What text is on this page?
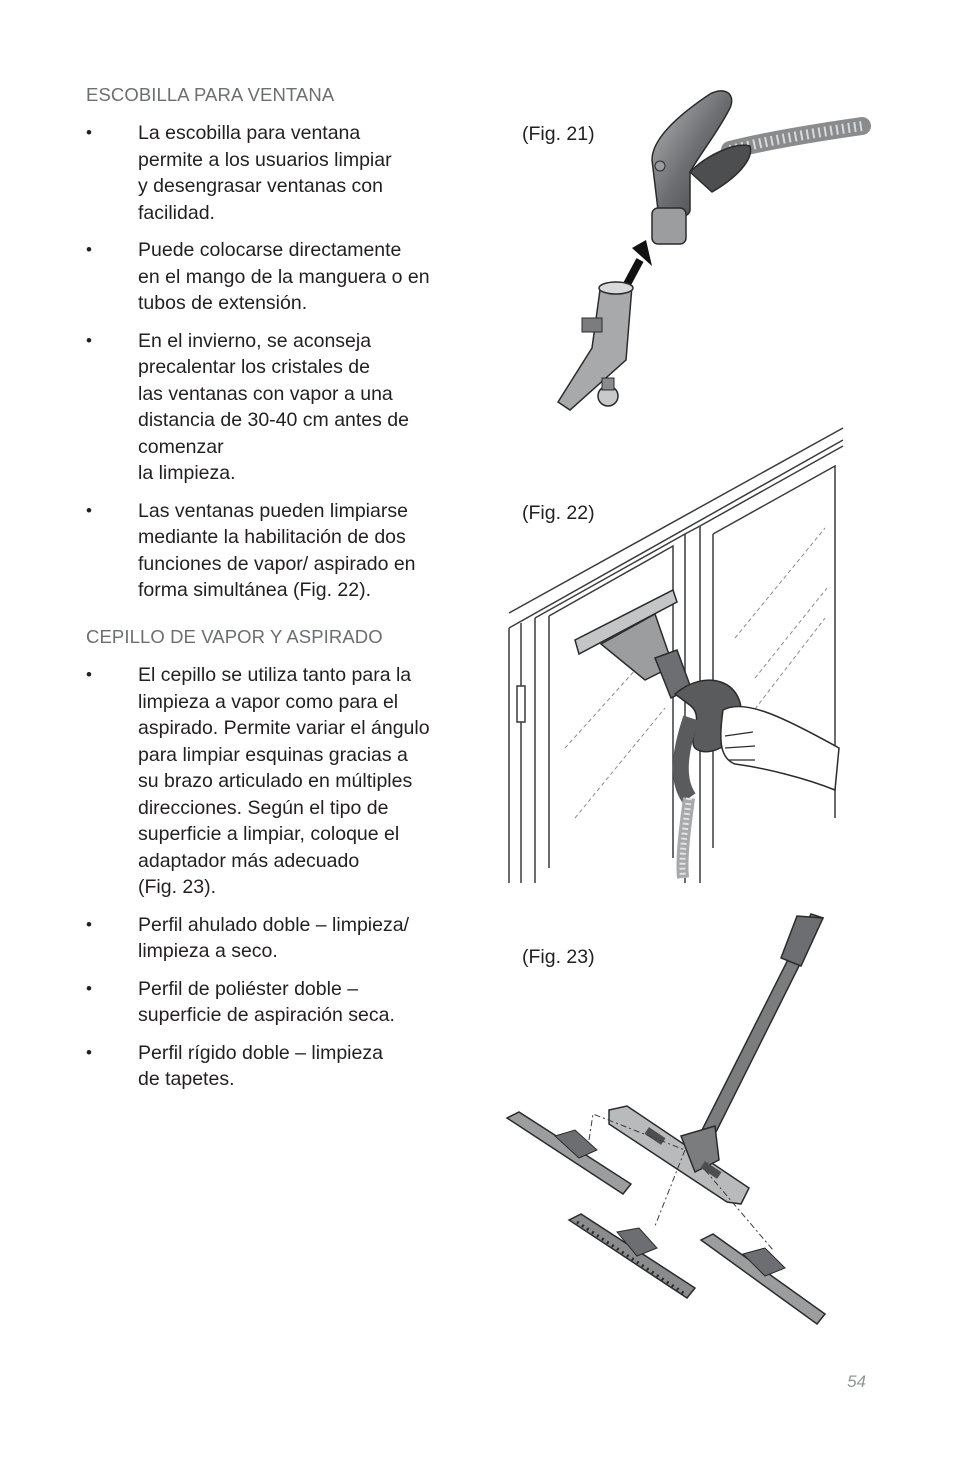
ESCOBILLA PARA VENTANA
•	La escobilla para ventana
permite a los usuarios limpiar
y desengrasar ventanas con
facilidad.
•	Puede colocarse directamente
en el mango de la manguera o en
tubos de extensión.
•	En el invierno, se aconseja
precalentar los cristales de
las ventanas con vapor a una
distancia de 30-40 cm antes de
comenzar
la limpieza.
•	Las ventanas pueden limpiarse
mediante la habilitación de dos
funciones de vapor/ aspirado en
forma simultánea (Fig. 22).
CEPILLO DE VAPOR Y ASPIRADO
•	El cepillo se utiliza tanto para la
limpieza a vapor como para el
aspirado. Permite variar el ángulo
para limpiar esquinas gracias a
su brazo articulado en múltiples
direcciones. Según el tipo de
superficie a limpiar, coloque el
adaptador más adecuado
(Fig. 23).
•	Perfil ahulado doble – limpieza/
limpieza a seco.
•	Perfil de poliéster doble –
superficie de aspiración seca.
•	Perfil rígido doble – limpieza
de tapetes.
(Fig. 21)
(Fig. 22)
(Fig. 23)
54
